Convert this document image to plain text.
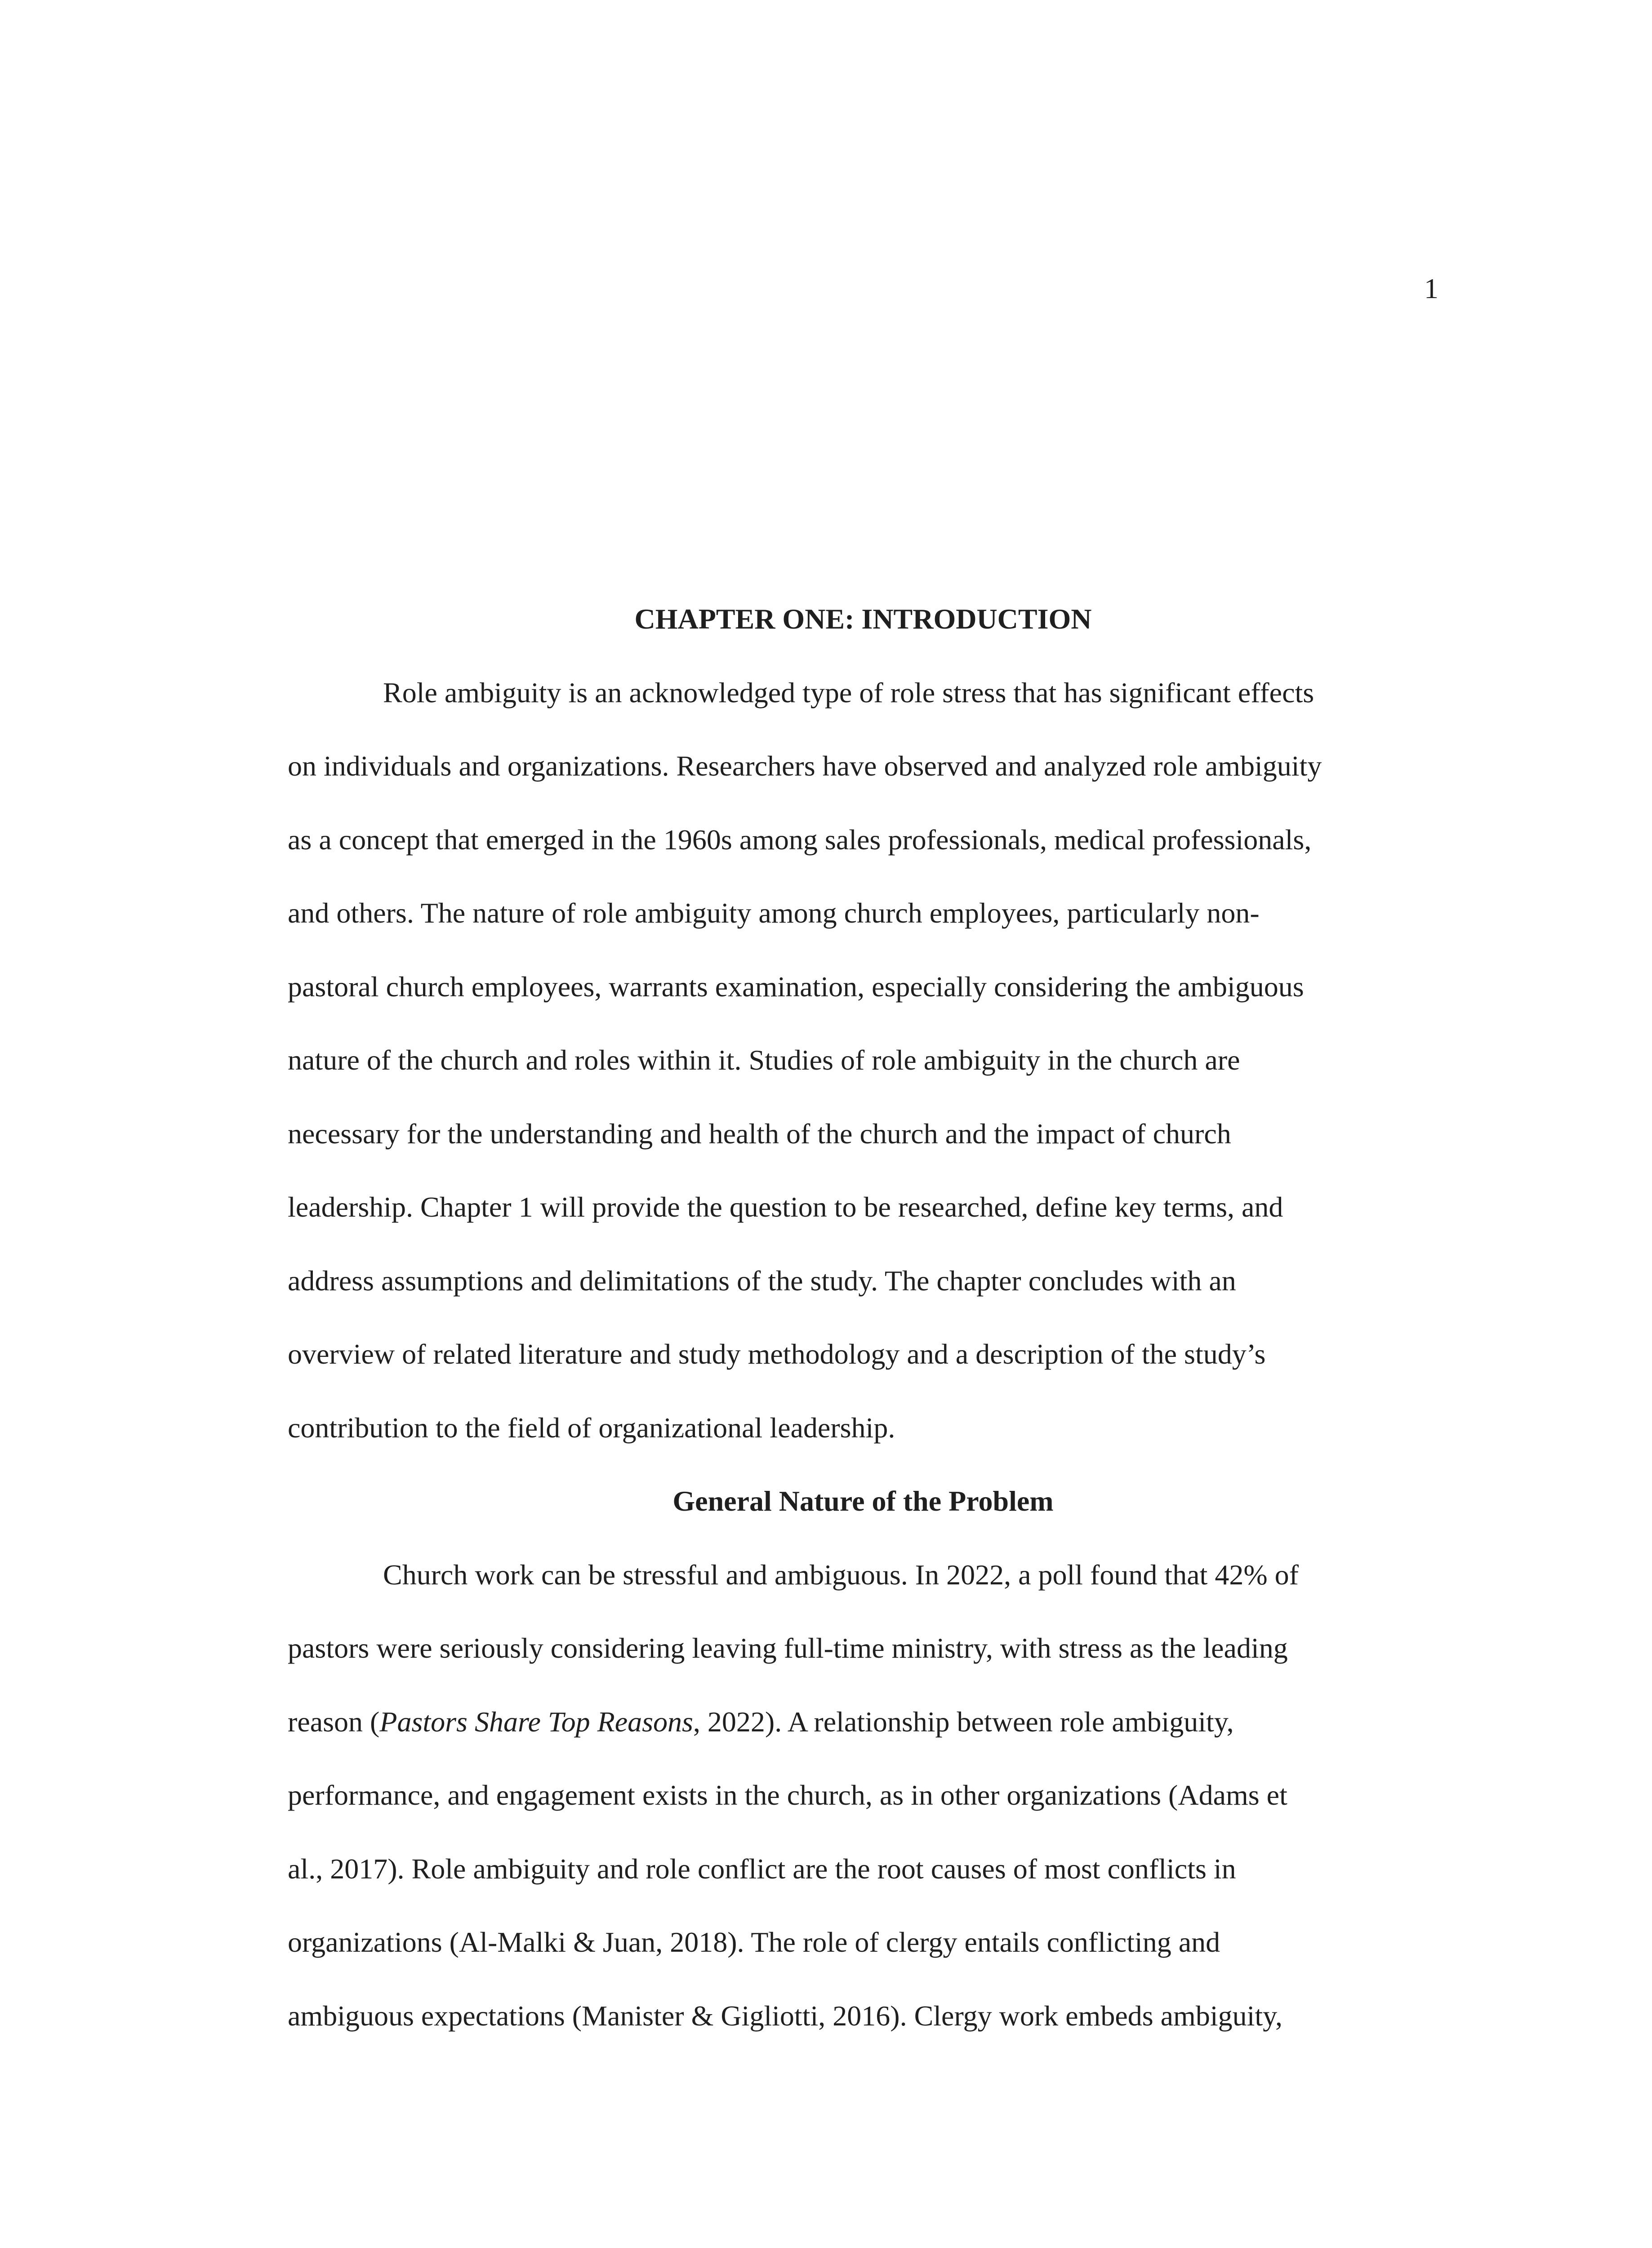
1

CHAPTER ONE: INTRODUCTION

Role ambiguity is an acknowledged type of role stress that has significant effects

on individuals and organizations. Researchers have observed and analyzed role ambiguity

as a concept that emerged in the 1960s among sales professionals, medical professionals,

and others. The nature of role ambiguity among church employees, particularly non-

pastoral church employees, warrants examination, especially considering the ambiguous

nature of the church and roles within it. Studies of role ambiguity in the church are

necessary for the understanding and health of the church and the impact of church

leadership. Chapter 1 will provide the question to be researched, define key terms, and

address assumptions and delimitations of the study. The chapter concludes with an

overview of related literature and study methodology and a description of the study’s

contribution to the field of organizational leadership.

General Nature of the Problem

Church work can be stressful and ambiguous. In 2022, a poll found that 42% of

pastors were seriously considering leaving full-time ministry, with stress as the leading

reason (Pastors Share Top Reasons, 2022). A relationship between role ambiguity,

performance, and engagement exists in the church, as in other organizations (Adams et

al., 2017). Role ambiguity and role conflict are the root causes of most conflicts in

organizations (Al-Malki & Juan, 2018). The role of clergy entails conflicting and

ambiguous expectations (Manister & Gigliotti, 2016). Clergy work embeds ambiguity,
